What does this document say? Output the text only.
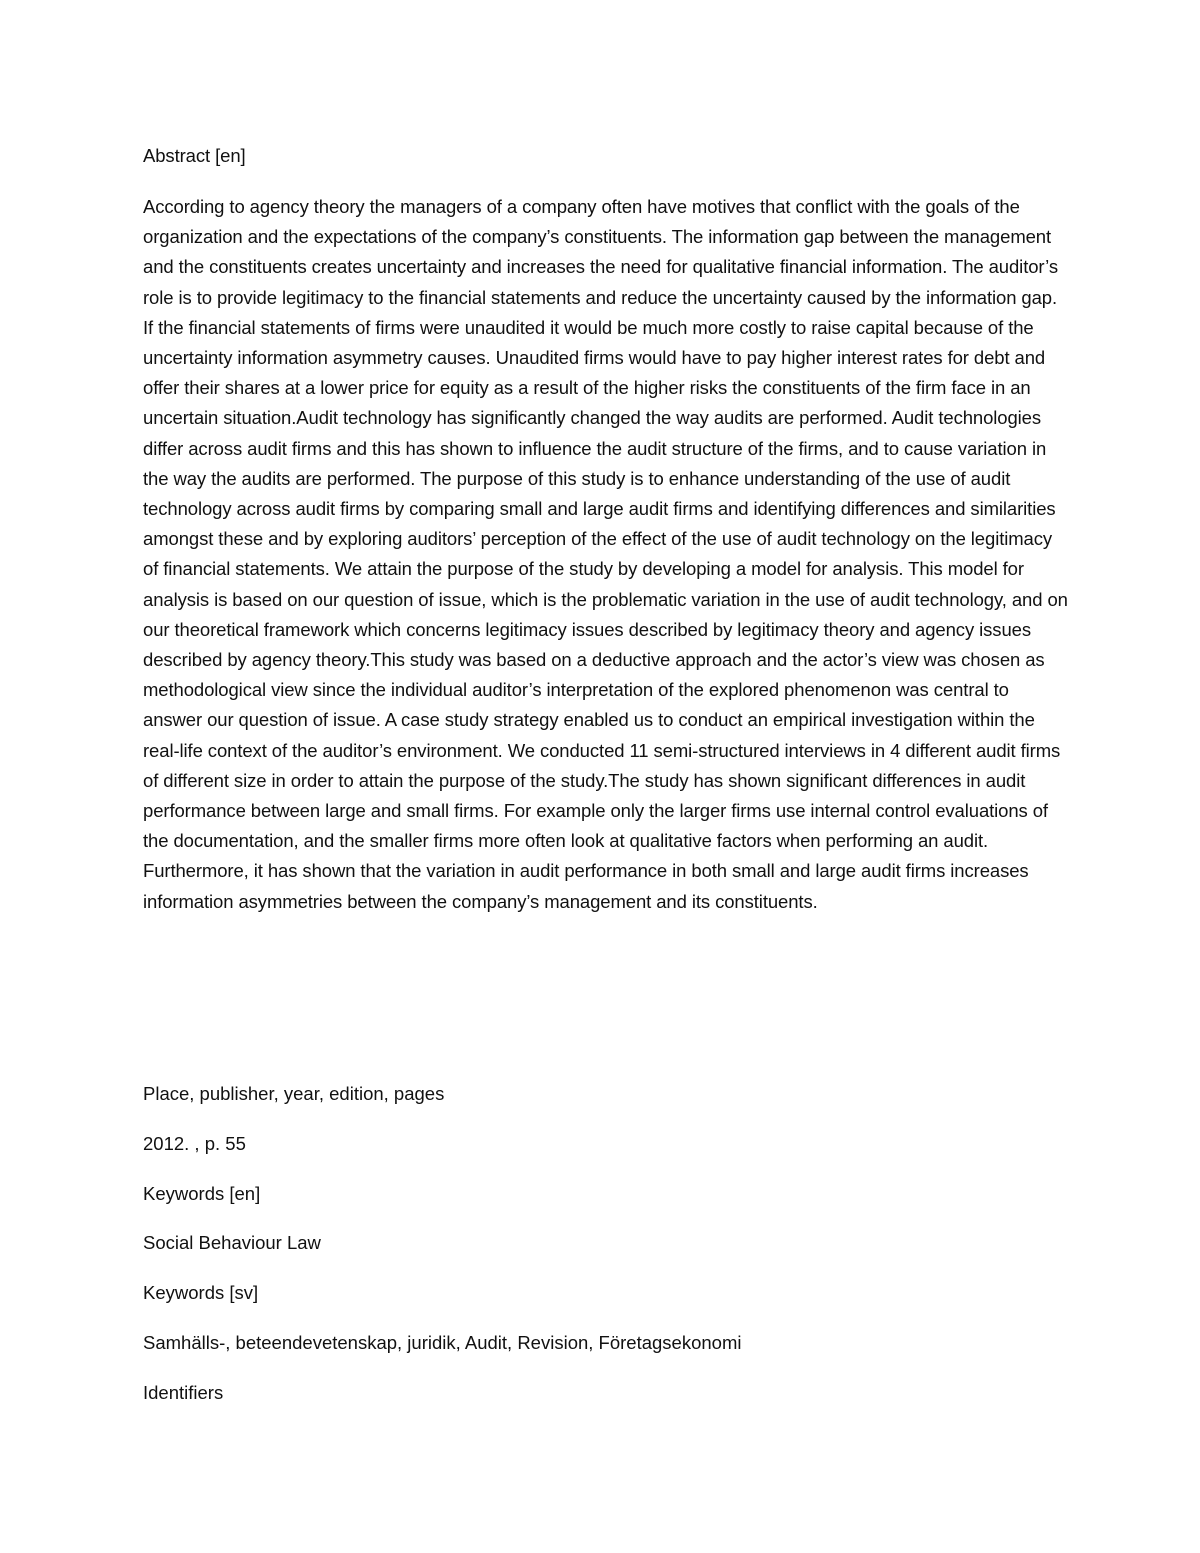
Abstract [en]

According to agency theory the managers of a company often have motives that conflict with the goals of the organization and the expectations of the company’s constituents. The information gap between the management and the constituents creates uncertainty and increases the need for qualitative financial information. The auditor’s role is to provide legitimacy to the financial statements and reduce the uncertainty caused by the information gap. If the financial statements of firms were unaudited it would be much more costly to raise capital because of the uncertainty information asymmetry causes. Unaudited firms would have to pay higher interest rates for debt and offer their shares at a lower price for equity as a result of the higher risks the constituents of the firm face in an uncertain situation.Audit technology has significantly changed the way audits are performed. Audit technologies differ across audit firms and this has shown to influence the audit structure of the firms, and to cause variation in the way the audits are performed. The purpose of this study is to enhance understanding of the use of audit technology across audit firms by comparing small and large audit firms and identifying differences and similarities amongst these and by exploring auditors’ perception of the effect of the use of audit technology on the legitimacy of financial statements. We attain the purpose of the study by developing a model for analysis. This model for analysis is based on our question of issue, which is the problematic variation in the use of audit technology, and on our theoretical framework which concerns legitimacy issues described by legitimacy theory and agency issues described by agency theory.This study was based on a deductive approach and the actor’s view was chosen as methodological view since the individual auditor’s interpretation of the explored phenomenon was central to answer our question of issue. A case study strategy enabled us to conduct an empirical investigation within the real-life context of the auditor’s environment. We conducted 11 semi-structured interviews in 4 different audit firms of different size in order to attain the purpose of the study.The study has shown significant differences in audit performance between large and small firms. For example only the larger firms use internal control evaluations of the documentation, and the smaller firms more often look at qualitative factors when performing an audit. Furthermore, it has shown that the variation in audit performance in both small and large audit firms increases information asymmetries between the company’s management and its constituents.

Place, publisher, year, edition, pages
2012. , p. 55
Keywords [en]
Social Behaviour Law
Keywords [sv]
Samhälls-, beteendevetenskap, juridik, Audit, Revision, Företagsekonomi
Identifiers
